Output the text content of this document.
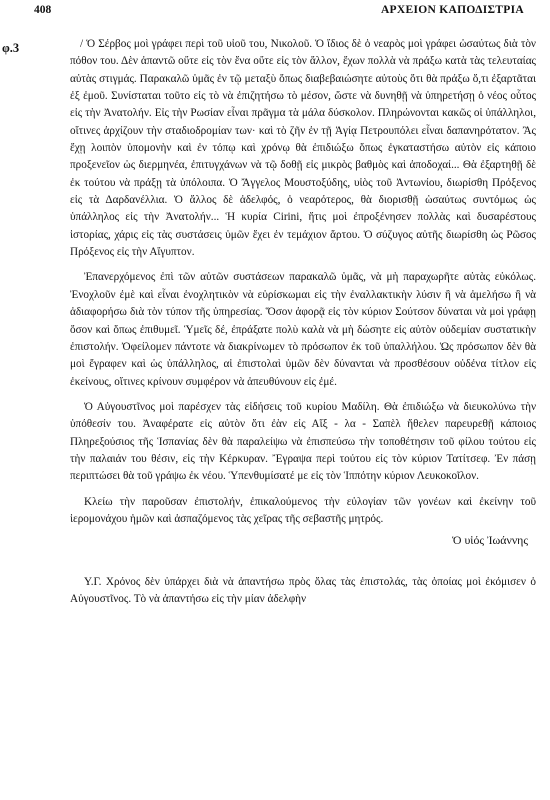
408	ΑΡΧΕΙΟΝ ΚΑΠΟΔΙΣΤΡΙΑ
φ.3	/ Ὁ Σέρβος μοὶ γράφει περὶ τοῦ υἱοῦ του, Νικολοῦ. Ὁ ἴδιος δὲ ὁ νεαρὸς μοὶ γράφει ὡσαύτως διὰ τὸν πόθον του. Δὲν ἀπαντῶ οὔτε εἰς τὸν ἕνα οὔτε εἰς τὸν ἄλλον, ἔχων πολλὰ νὰ πράξω κατὰ τὰς τελευταίας αὐτὰς στιγμάς. Παρακαλῶ ὑμᾶς ἐν τῷ μεταξὺ ὅπως διαβεβαιώσητε αὐτοὺς ὅτι θὰ πράξω ὅ,τι ἐξαρτᾶται ἐξ ἐμοῦ. Συνίσταται τοῦτο εἰς τὸ νὰ ἐπιζητήσω τὸ μέσον, ὥστε νὰ δυνηθῇ νὰ ὑπηρετήσῃ ὁ νέος οὗτος εἰς τὴν Ἀνατολήν. Εἰς τὴν Ρωσίαν εἶναι πρᾶγμα τὰ μάλα δύσκολον. Πληρώνονται κακῶς οἱ ὑπάλληλοι, οἵτινες ἀρχίζουν τὴν σταδιοδρομίαν των· καὶ τὸ ζῆν ἐν τῇ Ἁγίᾳ Πετρουπόλει εἶναι δαπανηρότατον. Ἂς ἔχῃ λοιπὸν ὑπομονὴν καὶ ἐν τόπῳ καὶ χρόνῳ θὰ ἐπιδιώξω ὅπως ἐγκαταστήσω αὐτὸν εἰς κάποιο προξενεῖον ὡς διερμηνέα, ἐπιτυγχάνων νὰ τῷ δοθῇ εἰς μικρὸς βαθμὸς καὶ ἀποδοχαί... Θὰ ἐξαρτηθῇ δὲ ἐκ τούτου νὰ πράξῃ τὰ ὑπόλοιπα. Ὁ Ἄγγελος Μουστοξύδης, υἱὸς τοῦ Ἀντωνίου, διωρίσθη Πρόξενος εἰς τὰ Δαρδανέλλια. Ὁ ἄλλος δὲ ἀδελφός, ὁ νεαρότερος, θὰ διορισθῇ ὡσαύτως συντόμως ὡς ὑπάλληλος εἰς τὴν Ἀνατολήν... Ἡ κυρία Cirini, ἥτις μοὶ ἐπροξένησεν πολλὰς καὶ δυσαρέστους ἱστορίας, χάρις εἰς τὰς συστάσεις ὑμῶν ἔχει ἐν τεμάχιον ἄρτου. Ὁ σύζυγος αὐτῆς διωρίσθη ὡς Ρῶσος Πρόξενος εἰς τὴν Αἴγυπτον.

Ἐπανερχόμενος ἐπὶ τῶν αὐτῶν συστάσεων παρακαλῶ ὑμᾶς, νὰ μὴ παραχωρῆτε αὐτὰς εὐκόλως. Ἐνοχλοῦν ἐμὲ καὶ εἶναι ἐνοχλητικὸν νὰ εὑρίσκωμαι εἰς τὴν ἐναλλακτικὴν λύσιν ἢ νὰ ἀμελήσω ἢ νὰ ἀδιαφορήσω διὰ τὸν τύπον τῆς ὑπηρεσίας. Ὅσον ἀφορᾷ εἰς τὸν κύριον Σούτσον δύναται νὰ μοὶ γράφῃ ὅσον καὶ ὅπως ἐπιθυμεῖ. Ὑμεῖς δέ, ἐπράξατε πολὺ καλὰ νὰ μὴ δώσητε εἰς αὐτὸν οὐδεμίαν συστατικὴν ἐπιστολήν. Ὀφείλομεν πάντοτε νὰ διακρίνωμεν τὸ πρόσωπον ἐκ τοῦ ὑπαλλήλου. Ὡς πρόσωπον δὲν θὰ μοὶ ἔγραφεν καὶ ὡς ὑπάλληλος, αἱ ἐπιστολαὶ ὑμῶν δὲν δύνανται νὰ προσθέσουν οὐδένα τίτλον εἰς ἐκείνους, οἵτινες κρίνουν συμφέρον νὰ ἀπευθύνουν εἰς ἐμέ.

Ὁ Αὐγουστῖνος μοὶ παρέσχεν τὰς εἰδήσεις τοῦ κυρίου Μαδίλη. Θὰ ἐπιδιώξω νὰ διευκολύνω τὴν ὑπόθεσίν του. Ἀναφέρατε εἰς αὐτὸν ὅτι ἐὰν εἰς Αἴξ - λα - Σαπὲλ ἤθελεν παρευρεθῇ κάποιος Πληρεξούσιος τῆς Ἱσπανίας δὲν θὰ παραλείψω νὰ ἐπισπεύσω τὴν τοποθέτησιν τοῦ φίλου τούτου εἰς τὴν παλαιάν του θέσιν, εἰς τὴν Κέρκυραν. Ἔγραψα περὶ τούτου εἰς τὸν κύριον Τατίτσεφ. Ἐν πάσῃ περιπτώσει θὰ τοῦ γράψω ἐκ νέου. Ὑπενθυμίσατέ με εἰς τὸν Ἱππότην κύριον Λευκοκοῖλον.

Κλείω τὴν παροῦσαν ἐπιστολήν, ἐπικαλούμενος τὴν εὐλογίαν τῶν γονέων καὶ ἐκείνην τοῦ ἱερομονάχου ἡμῶν καὶ ἀσπαζόμενος τὰς χεῖρας τῆς σεβαστῆς μητρός.

Ὁ υἱός Ἰωάννης

Υ.Γ. Χρόνος δὲν ὑπάρχει διὰ νὰ ἀπαντήσω πρὸς ὅλας τὰς ἐπιστολάς, τὰς ὁποίας μοὶ ἐκόμισεν ὁ Αὐγουστῖνος. Τὸ νὰ ἀπαντήσω εἰς τὴν μίαν ἀδελφὴν
